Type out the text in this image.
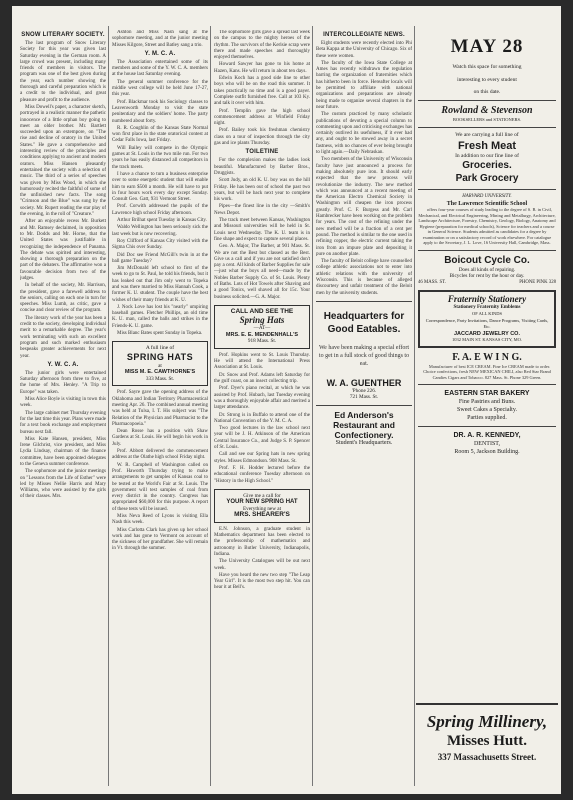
SNOW LITERARY SOCIETY.

The last program of Snow Literary Society for this year was given last Saturday evening in the German room. A large crowd was present, including many friends of members in visitors. The program was one of the best given during the year, each number showing the thorough and careful preparation which is a credit to the individual, and great pleasure and profit to the audience.

Miss Dowell's paper, a character sketch, portrayed in a realistic manner the pathetic innocence of a little orphan boy going to meet an older brother. Mr. Bartlett succeeded upon an extempore, on "The rise and decline of oratory in the United States." He gave a comprehensive and interesting review of the principles and conditions applying to ancient and modern orators. Miss Hansen pleasantly entertained the society with a selection of music. The third of a series of speeches was given by Miss Wood, in which she humorously recited the faithful of some of the unfinished new facts. The song "Crimson and the Blue" was sung by the society. Mr. Rupert reading the star play of the evening, in the roll of "Creature."

After an enjoyable recess Mr. Burkett and Mr. Ramsey declaimed, in opposition to Mr. Dodds and Mr. Horne, that the United States was justifiable in recognizing the independence of Panama. The debate was spirited and interesting, showing a thorough preparation on the part of the debaters. The affirmative won a favourable decision from two of the judges.

In behalf of the society, Mr. Harrison, the president, gave a farewell address to the seniors, calling on each one in turn for speeches. Miss Lumb, as critic, gave a concise and clear review of the program.

The literary work of the year has been a credit to the society, developing individual merit to a remarkable degree. The year's work terminating with such an excellent program and such marked enthusiasm bespeaks greater achievements for next year.

Y. W. C. A.

The junior girls were entertained Saturday afternoon from three to five, at the home of Mrs. Henley. "A Trip to Europe" was taken.

Miss Alice Boyle is visiting in town this week.

The large cabinet met Thursday evening for the last time this year. Plans were made for a text book exchange and employment bureau next fall.

Miss Kate Hansen, president, Miss Irene Gilchrist, vice president, and Miss Lydia Lindsay, chairman of the finance committee, have been appointed delegates to the Geneva summer conference.

The sophomore and the junior meetings on "Lessons from the Life of Esther" were led by Misses Nellie Harris and Mary Williams, who were assisted by the girls of their classes. Mrs.

Ashton and Miss Nash sang at the sophomore meeting, and at the junior meeting Misses Kilgore, Street and Batley sang a trio.

Y. M. C. A.

The Association entertained some of its members and some of the Y. W. C. A. members at the house last Saturday evening.

The general summer conference for the middle west college will be held June 17-27, this year.

Prof. Blackmar took his Sociology classes to Leavenworth Monday to visit the state penitentiary and the soldiers' home. The party numbered about forty.

R. R. Coughlin of the Kansas State Normal won first place in the state oratorical contest at Cedar Falls Iowa, last Friday.

Will Bailey will compete in the Olympic games at St. Louis in the two mile run. For two years he has easily distanced all competitors in the track meets.

I have a chance to turn a business enterprise over to some energetic student that will enable him to earn $500 a month. He will have to put in four hours work every day except Sunday. Consult Geo. Gatt, 931 Vermont Street.

Prof. Corwith addressed the pupils of the Lawrence high school Friday afternoon.

Arthur Brilhat spent Tuesday in Kansas City.

Waldo Wellington has been seriously sick the last week but is now recovering.

Roy Clifford of Kansas City visited with the Sigma Chis over Sunday.

Did Doc see Friend McGill's twin in at the ball game Tuesday?

Jim McDonald left school to first of the week to go to St. Paul, he told his friends, but it has leaked out that Jim only went to Topeka and was there married to Miss Hannah Cook, a former K. U. student. The couple have the best wishes of their many friends at K. U.

J. Nock Love has lost his "nearly" umpiring baseball games. Fletcher Phillips, an old time K. U. man, called the balls and strikes in the Friends-K. U. game.

Miss Blanc Bates spent Sunday in Topeka.

A full line of
SPRING HATS
at
MISS M. E. CAWTHORNE'S
333 Mass. St.

Prof. Sayre gave the opening address of the Oklahoma and Indian Territory Pharmaceutical meeting Apr. 26. The combined annual meeting was held at Tulsa, I. T. His subject was "The Relation of the Physician and Pharmacist to the Pharmacopoeia."

Dean Rosse has a position with Shaw Gardens at St. Louis. He will begin his work in July.

Prof. Abbott delivered the commencement address at the Olathe high school Friday night.

W. R. Campbell of Washington called on Prof. Haworth Thursday trying to make arrangements to get samples of Kansas coal to be tested at the World's Fair at St. Louis. The government will test samples of coal from every district in the country. Congress has appropriated $60,000 for this purpose. A report of these tests will be issued.

Miss Neva Reed of Lyons is visiting Ella Nash this week.

Miss Carlotta Clark has given up her school work and has gone to Vermont on account of the sickness of her grandfather. She will remain in Vt. through the summer.

The sophomore girls gave a spread last week on the campus to the mighty heroes of the rhythm. The survivors of the Kerlsie scrap were there and made speeches and thoroughly enjoyed themselves.

Howard Sawyer has gone to his home at Hazen, Kans. He will return in about ten days.

Edwin Koch has a good side line to other boys who will be on the road this summer. It takes practically no time and is a good payer. Complete outfit furnished free. Call at 103 Ky. and talk it over with him.

Prof. Templin gave the high school commencement address at Winfield Friday night.

Prof. Bailey took his freshman chemistry class on a tour of inspection through the city gas and ice plants Thursday.

TOILETINE

For the complexion makes the ladies look beautiful. Manufactured by Barber Bros., Druggists.

Scott Judy, an old K. U. boy was on the hill Friday. He has been out of school the past two years, but will be back next year to complete his work.

Pipes—the finest line in the city —Smith's News Depot.

The track meet between Kansas, Washington and Missouri universities will be held in St. Louis next Wednesday. The K. U. team is in fine shape and expect to capture several places.

Geo. A. Major, The Barber, at 901 Mass. St. We are not the Best but classed as the Best. Give us a call and if you are not satisfied don't pay a cent. All kinds of Barber Supplies for sale—just what the boys all need—made by the Nobles Barber Supply Co. of St. Louis. Plenty of Baths. Lots of Hot Towels after Shaving and a good Tonics, well shaved all for 15c. Your business solicited.—G. A. Major.

CALL AND SEE THE
Spring Hats
—AT—
MRS. E. E. MENDENHALL'S
918 Mass. St.

Prof. Hopkins went to St. Louis Thursday. He will attend the International Press Association at St. Louis.

Dr. Snow and Prof. Adams left Saturday for the gulf coast, on an insect collecting trip.

Prof. Dyer's piano recital, at which he was assisted by Prof. Hubach, last Tuesday evening was a thoroughly enjoyable affair and merited a larger attendance.

Dr. Strong is in Buffalo to attend one of the National Convention of the Y. M. C. A.

Two good lectures in the law school next year will be J. H. Atkinson of the American Central Insurance Co., and Judge S. P. Spencer of St. Louis.

Call and see our Spring hats in new spring styles. Misses Edmondson. 908 Mass. St.

Prof. F. H. Hodder lectured before the educational conference Tuesday afternoon on "History in the High School."

Give me a call for
YOUR NEW SPRING HAT
Everything new at
MRS. SHEARER'S

E.N. Johnson, a graduate student in Mathematics department has been elected to the professorship of mathematics and astronomy in Butler University, Indianapolis, Indiana.

The University Catalogues will be out next week.

Have you heard the new two step "The Leap Year Girl". It is the most two step hit. You can hear it at Bell's.

INTERCOLLEGIATE NEWS.

Eight students were recently elected into Phi Beta Kappa at the University of Chicago. Six of these were women.

The faculty of the Iowa State College at Ames has recently withdrawn the regulation barring the organization of fraternities which has hitherto been in force. Hereafter locals will be permitted to affiliate with national organizations and preparations are already being made to organize several chapters in the near future.

The custom practiced by many scholastic publications of devoting a special column to commenting upon and criticising exchanges has certainly outlived its usefulness, if it ever had any, and ought to be stowed away in a secret fastness, with no chances of ever being brought to light again.—Daily Nebraskan.

Two members of the University of Wisconsin faculty have just announced a process for making absolutely pure iron. It should early expected that the new process will revolutionize the industry. The new method which was announced at a recent meeting of the American Electro Chemical Society in Washington will cheapen the iron process greatly. Prof. C. F. Burgess and Mr. Carl Hambrecker have been working on the problem for years. The cost of the refining under the new method will be a fraction of a cent per pound. The method is similar to the one used in refining copper, the electric current taking the iron from an impure plate and depositing it pure on another plate.

The faculty of Beloit college have counselled college athletic associations not to enter into athletic relations with the university of Wisconsin. This is because of alleged discourtesy and unfair treatment of the Beloit men by the university students.

Headquarters for
Good Eatables.

We have been making a special effort to get in a full stock of good things to eat.

W. A. GUENTHER
'Phone 226.
721 Mass. St.
Ed Anderson's
Restaurant and
Confectionery.
Student's Headquarters.
MAY 28
Watch this space for something
interesting to every student
on this date.
Rowland & Stevenson
BOOKSELLERS and STATIONERS.
We are carrying a full line of
Fresh Meat
In addition to our fine line of
Groceries.
Park Grocery
HARVARD UNIVERSITY.
The Lawrence Scientific School

offers four-year courses of study leading to the degree of S. B. in Civil, Mechanical, and Electrical Engineering, Mining and Metallurgy, Architecture, Landscape Architecture, Forestry, Chemistry, Geology, Biology, Anatomy and Hygiene (preparation for medical schools), Science for teachers and a course in General Science. Students admitted as candidates for a degree by examination or on a satisfactory record of work elsewhere. For catalogue apply to the Secretary, J. L. Love, 16 University Hall, Cambridge, Mass.

Boicout Cycle Co.
Does all kinds of repairing.
Bicycles for rent by the hour or day.
46 MASS. ST.	PHONE PINK 328
Fraternity Stationery
Stationery Fraternity Emblems
OF ALL KINDS
Correspondence, Party Invitations, Dance Programs, Visiting Cards, Etc.
JACCARD JEWELRY CO.
1032 MAIN ST. KANSAS CITY, MO.
F. A. E W I N G.

Manufacturer of best ICE CREAM. Fine Ice CREAM made to order. Choice confections, fresh NEW MEXICAN CHILI, also Red Star Brand Candies Cigars and Tobacco. 827 Mass. St. Phone 329 Green.

EASTERN STAR BAKERY
Fine Pastries and Buns.
Sweet Cakes a Specialty.
Parties supplied.
DR. A. R. KENNEDY,
DENTIST,
Room 5, Jackson Building.
Spring Millinery,
Misses Hutt.
337 Massachusetts Street.
